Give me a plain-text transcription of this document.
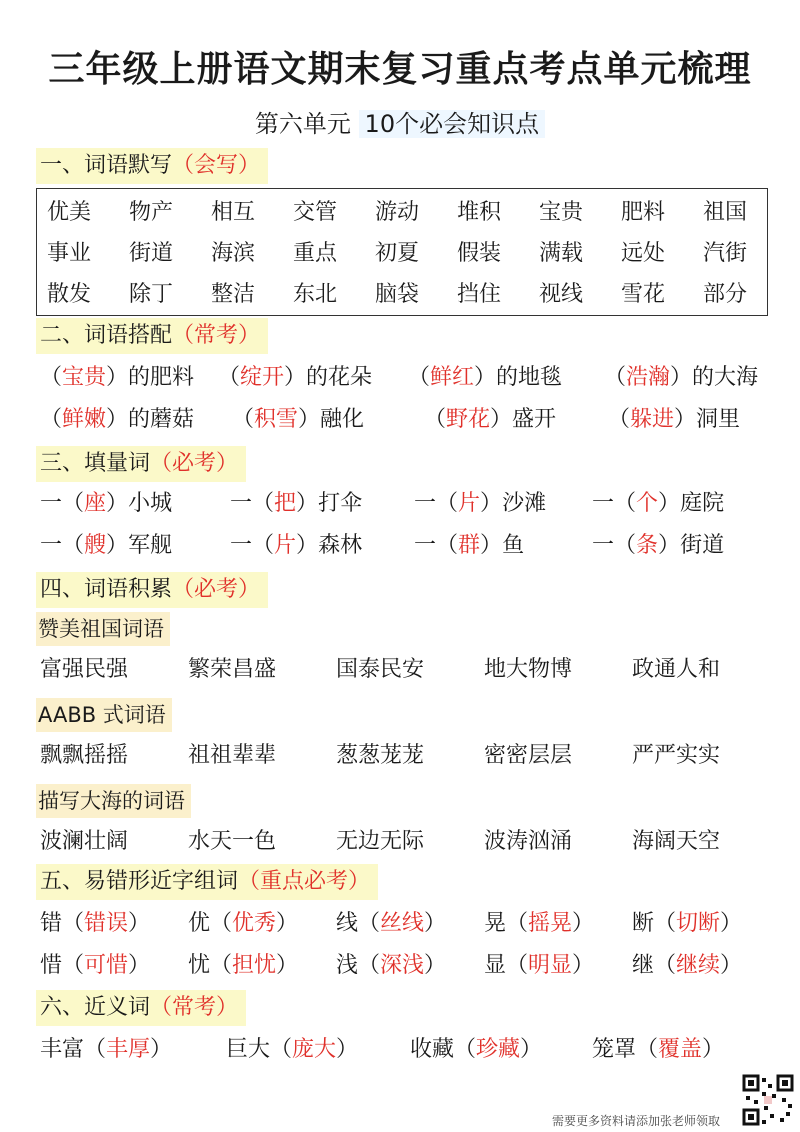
三年级上册语文期末复习重点考点单元梳理
第六单元 10个必会知识点
一、词语默写（会写）
优美 物产 相互 交管 游动 堆积 宝贵 肥料 祖国
事业 街道 海滨 重点 初夏 假装 满载 远处 汽街
散发 除丁 整洁 东北 脑袋 挡住 视线 雪花 部分
二、词语搭配（常考）
（宝贵）的肥料 （绽开）的花朵 （鲜红）的地毯 （浩瀚）的大海
（鲜嫩）的蘑菇 （积雪）融化	（野花）盛开 （躲进）洞里
三、填量词（必考）
一（座）小城	一（把）打伞 一（片）沙滩 一（个）庭院
一（艘）军舰	一（片）森林 一（群）鱼	一（条）街道
四、词语积累（必考）
赞美祖国词语
富强民强	繁荣昌盛	国泰民安	地大物博	政通人和
AABB 式词语
飘飘摇摇	祖祖辈辈	葱葱茏茏	密密层层	严严实实
描写大海的词语
波澜壮阔	水天一色	无边无际	波涛汹涌	海阔天空
五、易错形近字组词（重点必考）
错（错误） 优（优秀） 线（丝线） 晃（摇晃） 断（切断）
惜（可惜） 忧（担忧） 浅（深浅） 显（明显） 继（继续）
六、近义词（常考）
丰富（丰厚） 巨大（庞大） 收藏（珍藏） 笼罩（覆盖）
需要更多资料请添加张老师领取
